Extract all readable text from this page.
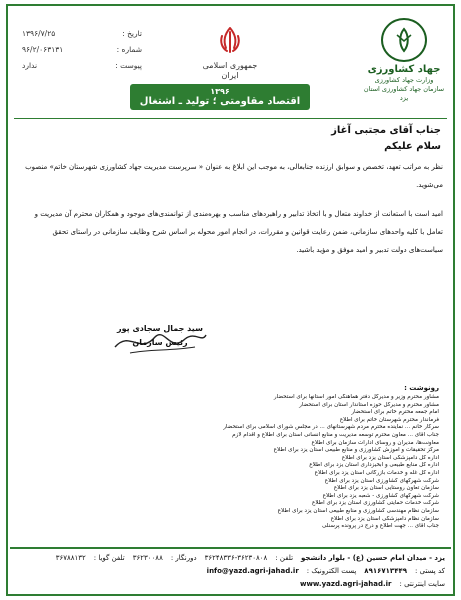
جهاد کشاورزی
وزارت جهاد کشاورزی
سازمان جهاد کشاورزی استان یزد
جمهوری اسلامی ایران
تاریخ :
۱۳۹۶/۷/۲۵
شماره :
۹۶/۲/۰۶۳۱۳۱
پیوست :
ندارد
۱۳۹۶
اقتصاد مقاومتی ؛ تولید ـ اشتغال
جناب آقای مجتبی آغاز
سلام علیکم
نظر به مراتب تعهد، تخصص و سوابق ارزنده جنابعالی، به موجب این ابلاغ به عنوان « سرپرست مدیریت جهاد کشاورزی شهرستان خاتم» منصوب می‌شوید.
امید است با استعانت از خداوند متعال و با اتخاذ تدابیر و راهبردهای مناسب و بهره‌مندی از توانمندی‌های موجود و همکاران محترم آن مدیریت و تعامل با کلیه واحدهای سازمانی، ضمن رعایت قوانین و مقررات، در انجام امور محوله بر اساس شرح وظایف سازمانی در راستای تحقق سیاست‌های دولت تدبیر و امید موفق و مؤید باشید.
سید جمال سجادی پور
رئیس سازمان
رونوشت :
مشاور محترم وزیر و مدیرکل دفتر هماهنگی امور استانها برای استحضار
مشاور محترم و مدیرکل حوزه استاندار استان برای استحضار
امام جمعه محترم خاتم برای استحضار
فرماندار محترم شهرستان خاتم برای اطلاع
سرکار خانم ... نماینده محترم مردم شهرستانهای ... در مجلس شورای اسلامی برای استحضار
جناب آقای ... معاون محترم توسعه مدیریت و منابع انسانی استان برای اطلاع و اقدام لازم
معاونت‌ها، مدیران و روسای ادارات سازمان برای اطلاع
مرکز تحقیقات و آموزش کشاورزی و منابع طبیعی استان یزد برای اطلاع
اداره کل دامپزشکی استان یزد برای اطلاع
اداره کل منابع طبیعی و آبخیزداری استان یزد برای اطلاع
اداره کل غله و خدمات بازرگانی استان یزد برای اطلاع
شرکت شهرکهای کشاورزی استان یزد برای اطلاع
سازمان تعاون روستایی استان یزد برای اطلاع
شرکت شهرکهای کشاورزی - شعبه یزد برای اطلاع
شرکت خدمات حمایتی کشاورزی استان یزد برای اطلاع
سازمان نظام مهندسی کشاورزی و منابع طبیعی استان یزد برای اطلاع
سازمان نظام دامپزشکی استان یزد برای اطلاع
جناب آقای ... جهت اطلاع و درج در پرونده پرسنلی
یزد - میدان امام حسین (ع) - بلوار دانشجو
تلفن :
۳۶۲۴۸۳۳۶-۳۶۲۳۰۸۰۸
دورنگار :
۳۶۲۳۰۰۸۸
تلفن گویا :
۳۶۷۸۸۱۳۲
کد پستی :
۸۹۱۶۷۱۳۴۴۹
پست الکترونیک :
info@yazd.agri-jahad.ir
سایت اینترنتی :
www.yazd.agri-jahad.ir
